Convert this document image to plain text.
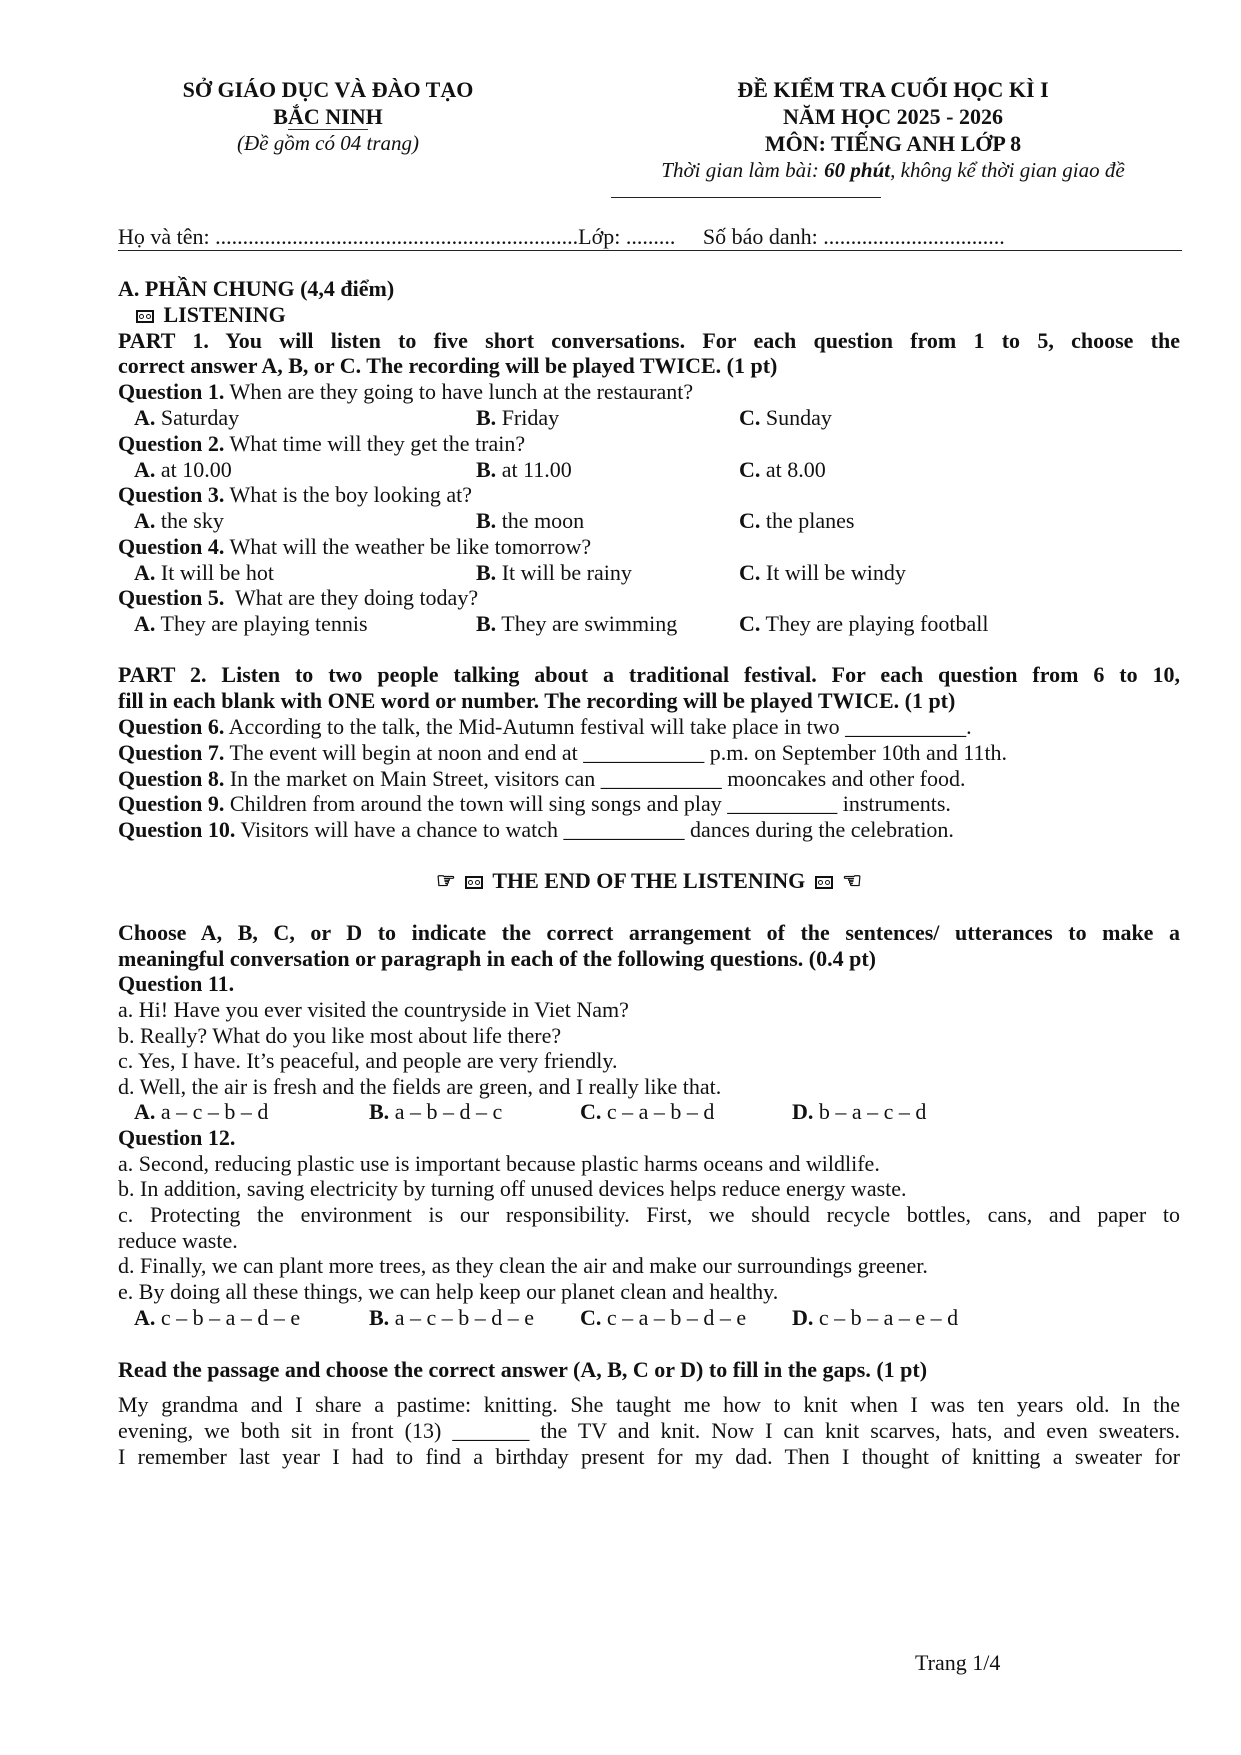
SỞ GIÁO DỤC VÀ ĐÀO TẠO
BẮC NINH
(Đề gồm có 04 trang)
ĐỀ KIỂM TRA CUỐI HỌC KÌ I
NĂM HỌC 2025 - 2026
MÔN: TIẾNG ANH LỚP 8
Thời gian làm bài: 60 phút, không kể thời gian giao đề
Họ và tên: ..................................................................Lớp: ......... Số báo danh: .................................
A. PHẦN CHUNG (4,4 điểm)
LISTENING
PART 1. You will listen to five short conversations. For each question from 1 to 5, choose the
correct answer A, B, or C. The recording will be played TWICE. (1 pt)
Question 1. When are they going to have lunch at the restaurant?
A. Saturday	B. Friday	C. Sunday
Question 2. What time will they get the train?
A. at 10.00	B. at 11.00	C. at 8.00
Question 3. What is the boy looking at?
A. the sky	B. the moon	C. the planes
Question 4. What will the weather be like tomorrow?
A. It will be hot	B. It will be rainy	C. It will be windy
Question 5.  What are they doing today?
A. They are playing tennis	B. They are swimming	C. They are playing football
PART 2. Listen to two people talking about a traditional festival. For each question from 6 to 10,
fill in each blank with ONE word or number. The recording will be played TWICE. (1 pt)
Question 6. According to the talk, the Mid-Autumn festival will take place in two ___________.
Question 7. The event will begin at noon and end at ___________ p.m. on September 10th and 11th.
Question 8. In the market on Main Street, visitors can ___________ mooncakes and other food.
Question 9. Children from around the town will sing songs and play __________ instruments.
Question 10. Visitors will have a chance to watch ___________ dances during the celebration.
☞ THE END OF THE LISTENING ☜
Choose A, B, C, or D to indicate the correct arrangement of the sentences/ utterances to make a
meaningful conversation or paragraph in each of the following questions. (0.4 pt)
Question 11.
a. Hi! Have you ever visited the countryside in Viet Nam?
b. Really? What do you like most about life there?
c. Yes, I have. It’s peaceful, and people are very friendly.
d. Well, the air is fresh and the fields are green, and I really like that.
A. a – c – b – d	B. a – b – d – c	C. c – a – b – d	D. b – a – c – d
Question 12.
a. Second, reducing plastic use is important because plastic harms oceans and wildlife.
b. In addition, saving electricity by turning off unused devices helps reduce energy waste.
c. Protecting the environment is our responsibility. First, we should recycle bottles, cans, and paper to
reduce waste.
d. Finally, we can plant more trees, as they clean the air and make our surroundings greener.
e. By doing all these things, we can help keep our planet clean and healthy.
A. c – b – a – d – e	B. a – c – b – d – e C. c – a – b – d – e D. c – b – a – e – d
Read the passage and choose the correct answer (A, B, C or D) to fill in the gaps. (1 pt)
My grandma and I share a pastime: knitting. She taught me how to knit when I was ten years old. In the
evening, we both sit in front (13) _______ the TV and knit. Now I can knit scarves, hats, and even sweaters.
I remember last year I had to find a birthday present for my dad. Then I thought of knitting a sweater for
Trang 1/4
